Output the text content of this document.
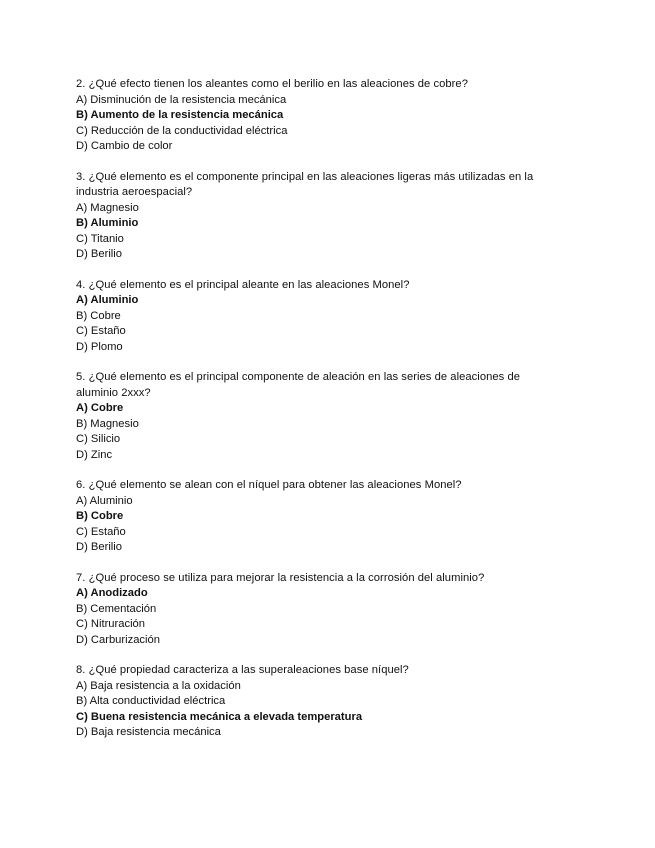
2. ¿Qué efecto tienen los aleantes como el berilio en las aleaciones de cobre?

A) Disminución de la resistencia mecánica
B) Aumento de la resistencia mecánica
C) Reducción de la conductividad eléctrica
D) Cambio de color

3. ¿Qué elemento es el componente principal en las aleaciones ligeras más utilizadas en la industria aeroespacial?

A) Magnesio
B) Aluminio
C) Titanio
D) Berilio

4. ¿Qué elemento es el principal aleante en las aleaciones Monel?

A) Aluminio
B) Cobre
C) Estaño
D) Plomo

5. ¿Qué elemento es el principal componente de aleación en las series de aleaciones de aluminio 2xxx?

A) Cobre
B) Magnesio
C) Silicio
D) Zinc

6. ¿Qué elemento se alean con el níquel para obtener las aleaciones Monel?

A) Aluminio
B) Cobre
C) Estaño
D) Berilio

7. ¿Qué proceso se utiliza para mejorar la resistencia a la corrosión del aluminio?

A) Anodizado
B) Cementación
C) Nitruración
D) Carburización

8. ¿Qué propiedad caracteriza a las superaleaciones base níquel?

A) Baja resistencia a la oxidación
B) Alta conductividad eléctrica
C) Buena resistencia mecánica a elevada temperatura
D) Baja resistencia mecánica
